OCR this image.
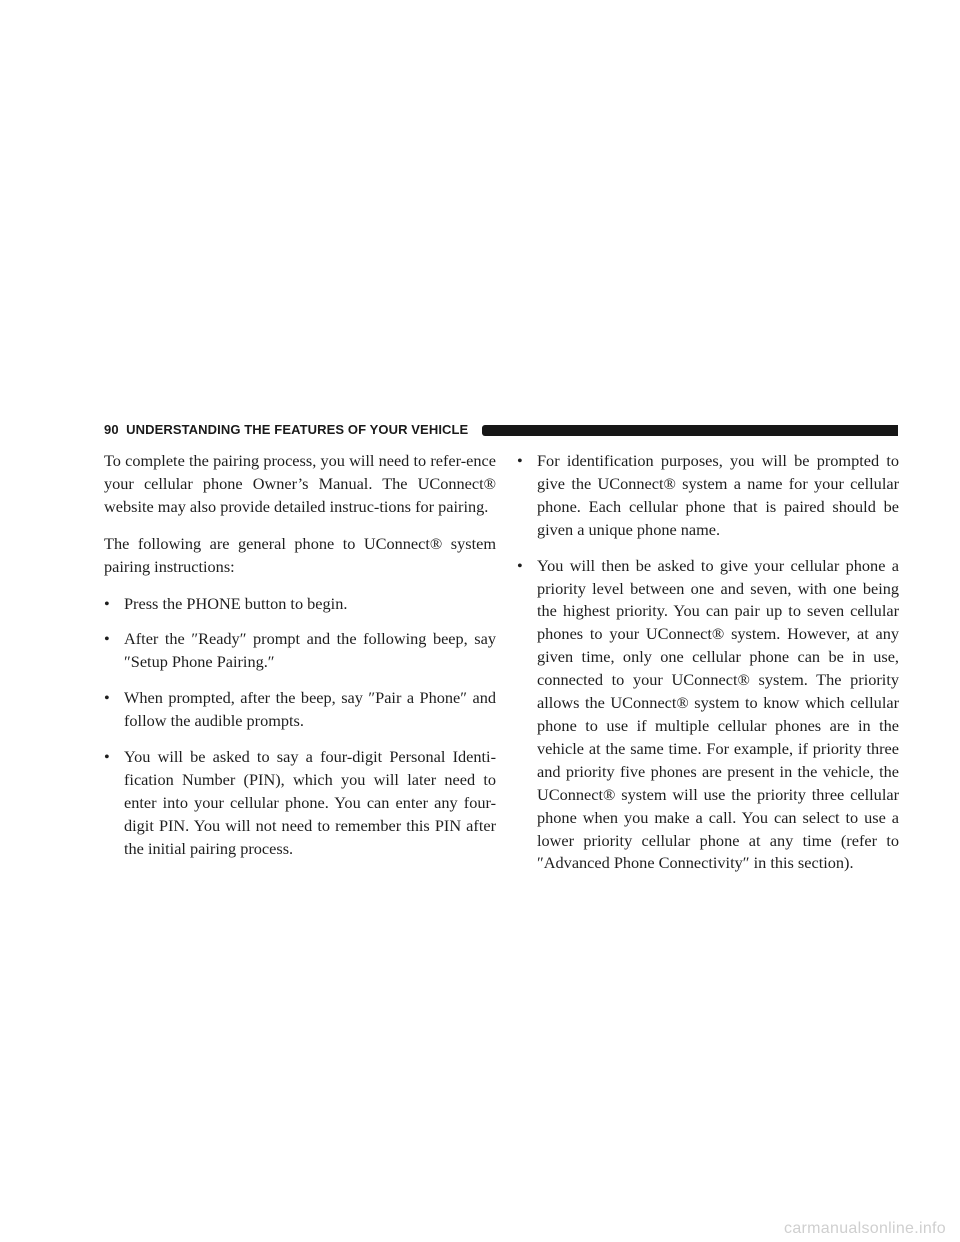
90 UNDERSTANDING THE FEATURES OF YOUR VEHICLE

To complete the pairing process, you will need to refer-ence your cellular phone Owner’s Manual. The UConnect® website may also provide detailed instruc-tions for pairing.

The following are general phone to UConnect® system pairing instructions:

• Press the PHONE button to begin.
• After the ″Ready″ prompt and the following beep, say ″Setup Phone Pairing.″
• When prompted, after the beep, say ″Pair a Phone″ and follow the audible prompts.
• You will be asked to say a four-digit Personal Identi-fication Number (PIN), which you will later need to enter into your cellular phone. You can enter any four-digit PIN. You will not need to remember this PIN after the initial pairing process.
• For identification purposes, you will be prompted to give the UConnect® system a name for your cellular phone. Each cellular phone that is paired should be given a unique phone name.
• You will then be asked to give your cellular phone a priority level between one and seven, with one being the highest priority. You can pair up to seven cellular phones to your UConnect® system. However, at any given time, only one cellular phone can be in use, connected to your UConnect® system. The priority allows the UConnect® system to know which cellular phone to use if multiple cellular phones are in the vehicle at the same time. For example, if priority three and priority five phones are present in the vehicle, the UConnect® system will use the priority three cellular phone when you make a call. You can select to use a lower priority cellular phone at any time (refer to ″Advanced Phone Connectivity″ in this section).
carmanualsonline.info
